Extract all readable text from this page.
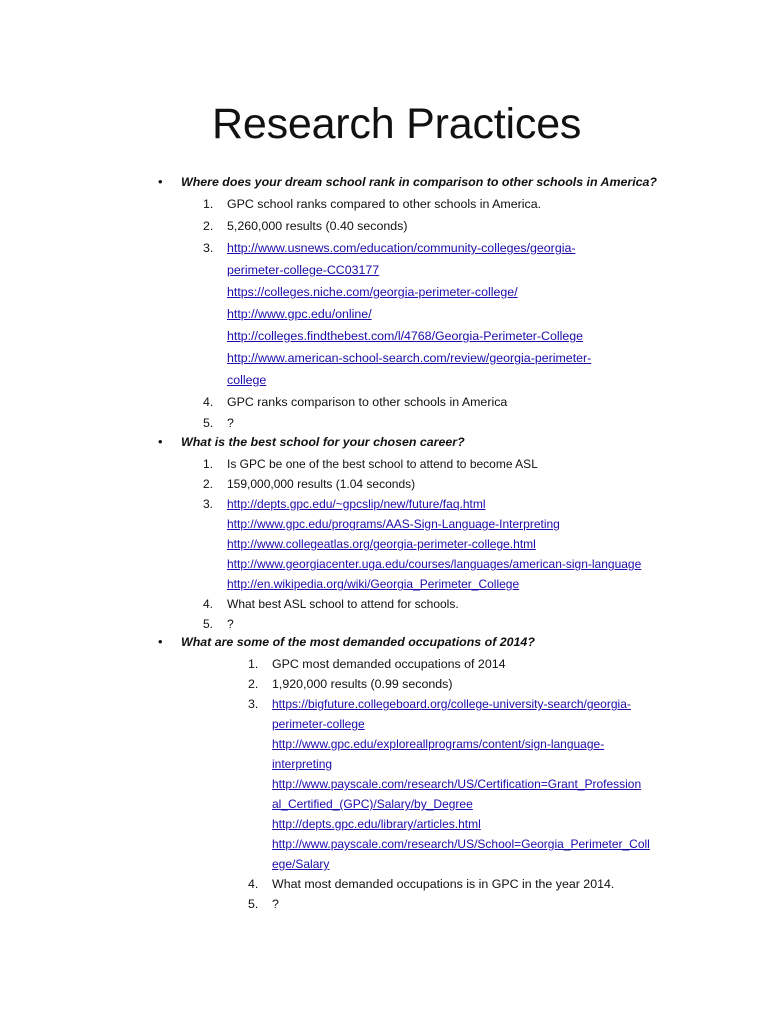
Research Practices
• Where does your dream school rank in comparison to other schools in America?
1. GPC school ranks compared to other schools in America.
2. 5,260,000 results (0.40 seconds)
3. http://www.usnews.com/education/community-colleges/georgia-
perimeter-college-CC03177
https://colleges.niche.com/georgia-perimeter-college/
http://www.gpc.edu/online/
http://colleges.findthebest.com/l/4768/Georgia-Perimeter-College
http://www.american-school-search.com/review/georgia-perimeter-
college
4. GPC ranks comparison to other schools in America
5. ?
• What is the best school for your chosen career?
1. Is GPC be one of the best school to attend to become ASL
2. 159,000,000 results (1.04 seconds)
3. http://depts.gpc.edu/~gpcslip/new/future/faq.html
http://www.gpc.edu/programs/AAS-Sign-Language-Interpreting
http://www.collegeatlas.org/georgia-perimeter-college.html
http://www.georgiacenter.uga.edu/courses/languages/american-sign-language
http://en.wikipedia.org/wiki/Georgia_Perimeter_College
4. What best ASL school to attend for schools.
5. ?
• What are some of the most demanded occupations of 2014?
1. GPC most demanded occupations of 2014
2. 1,920,000 results (0.99 seconds)
3. https://bigfuture.collegeboard.org/college-university-search/georgia-
perimeter-college
http://www.gpc.edu/exploreallprograms/content/sign-language-
interpreting
http://www.payscale.com/research/US/Certification=Grant_Profession
al_Certified_(GPC)/Salary/by_Degree
http://depts.gpc.edu/library/articles.html
http://www.payscale.com/research/US/School=Georgia_Perimeter_Coll
ege/Salary
4. What most demanded occupations is in GPC in the year 2014.
5. ?
